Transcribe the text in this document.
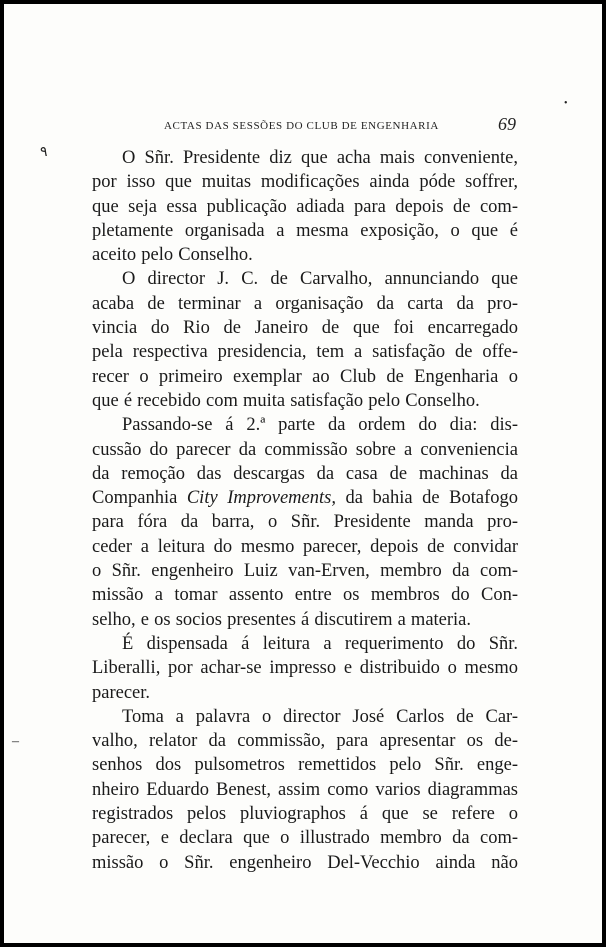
•
٩
–
ACTAS DAS SESSÕES DO CLUB DE ENGENHARIA	69
O Sñr. Presidente diz que acha mais conveniente,
por isso que muitas modificações ainda póde soffrer,
que seja essa publicação adiada para depois de com-
pletamente organisada a mesma exposição, o que é
aceito pelo Conselho.
O director J. C. de Carvalho, annunciando que
acaba de terminar a organisação da carta da pro-
vincia do Rio de Janeiro de que foi encarregado
pela respectiva presidencia, tem a satisfação de offe-
recer o primeiro exemplar ao Club de Engenharia o
que é recebido com muita satisfação pelo Conselho.
Passando-se á 2.ª parte da ordem do dia: dis-
cussão do parecer da commissão sobre a conveniencia
da remoção das descargas da casa de machinas da
Companhia City Improvements, da bahia de Botafogo
para fóra da barra, o Sñr. Presidente manda pro-
ceder a leitura do mesmo parecer, depois de convidar
o Sñr. engenheiro Luiz van-Erven, membro da com-
missão a tomar assento entre os membros do Con-
selho, e os socios presentes á discutirem a materia.
É dispensada á leitura a requerimento do Sñr.
Liberalli, por achar-se impresso e distribuido o mesmo
parecer.
Toma a palavra o director José Carlos de Car-
valho, relator da commissão, para apresentar os de-
senhos dos pulsometros remettidos pelo Sñr. enge-
nheiro Eduardo Benest, assim como varios diagrammas
registrados pelos pluviographos á que se refere o
parecer, e declara que o illustrado membro da com-
missão o Sñr. engenheiro Del-Vecchio ainda não
